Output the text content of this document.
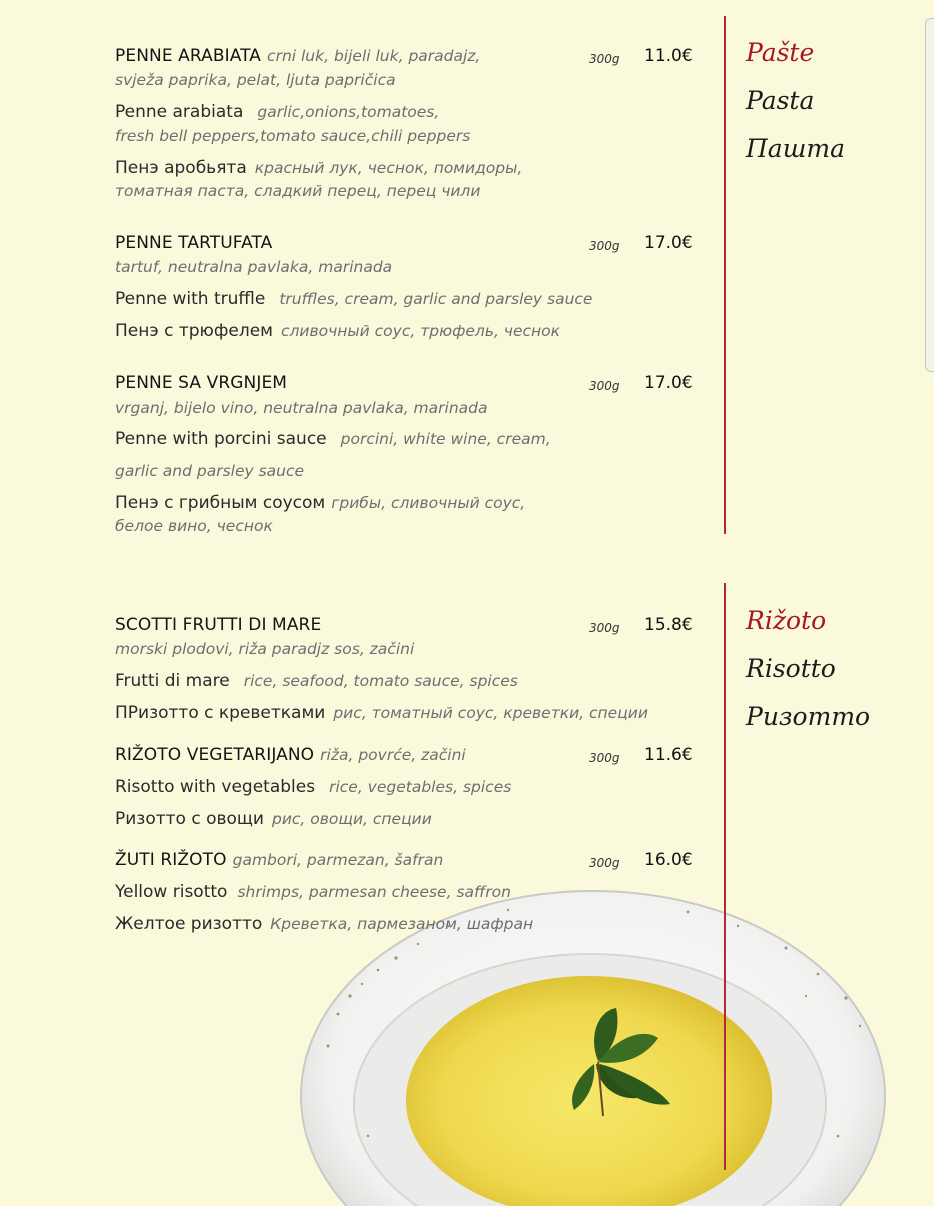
PENNE ARABIATA crni luk, bijeli luk, paradajz,	300g 11.0€
svježa paprika, pelat, ljuta papričica
Penne arabiata garlic,onions,tomatoes,
fresh bell peppers,tomato sauce,chili peppers
Пенэ аробьята красный лук, чеснок, помидоры,
томатная паста, сладкий перец, перец чили
PENNE TARTUFATA	300g 17.0€
tartuf, neutralna pavlaka, marinada
Penne with truffle truffles, cream, garlic and parsley sauce
Пенэ с трюфелем сливочный соус, трюфель, чеснок
PENNE SA VRGNJEM	300g 17.0€
vrganj, bijelo vino, neutralna pavlaka, marinada
Penne with porcini sauce porcini, white wine, cream,
garlic and parsley sauce
Пенэ с грибным соусом грибы, сливочный соус,
белое вино, чеснок
Pašte
Pasta
Паштa
SCOTTI FRUTTI DI MARE	300g 15.8€
morski plodovi, riža paradjz sos, začini
Frutti di mare rice, seafood, tomato sauce, spices
ПРизотто с креветками рис, томатный соус, креветки, специи
RIŽOTO VEGETARIJANO riža, povrće, začini	300g 11.6€
Risotto with vegetables rice, vegetables, spices
Ризотто с овощи рис, овощи, специи
ŽUTI RIŽOTO gambori, parmezan, šafran	300g 16.0€
Yellow risotto shrimps, parmesan cheese, saffron
Желтое ризотто Креветка, пармезаном, шафран
Rižoto
Risotto
Ризотто
